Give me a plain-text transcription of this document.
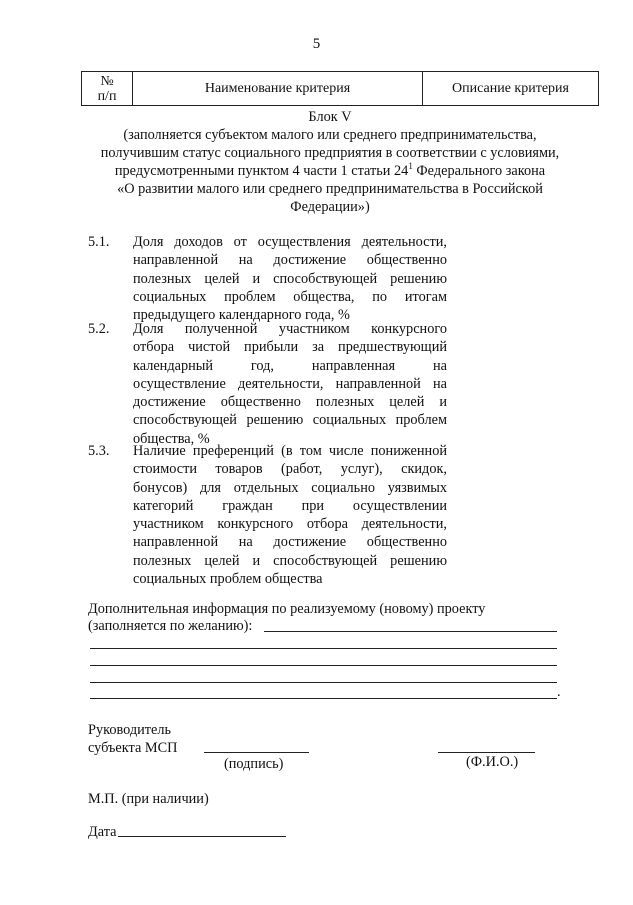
5
№
п/п	Наименование критерия	Описание критерия
Блок V
(заполняется субъектом малого или среднего предпринимательства,
получившим статус социального предприятия в соответствии с условиями,
предусмотренными пунктом 4 части 1 статьи $24^1$ Федерального закона
«О развитии малого или среднего предпринимательства в Российской
Федерации»)
5.1. Доля доходов от осуществления деятельности,
направленной на достижение общественно
полезных целей и способствующей решению
социальных проблем общества, по итогам
предыдущего календарного года, %
5.2. Доля полученной участником конкурсного
отбора чистой прибыли за предшествующий
календарный год, направленная на
осуществление деятельности, направленной на
достижение общественно полезных целей и
способствующей решению социальных проблем
общества, %
5.3. Наличие преференций (в том числе пониженной
стоимости товаров (работ, услуг), скидок,
бонусов) для отдельных социально уязвимых
категорий граждан при осуществлении
участником конкурсного отбора деятельности,
направленной на достижение общественно
полезных целей и способствующей решению
социальных проблем общества
Дополнительная информация по реализуемому (новому) проекту
(заполняется по желанию):
.
Руководитель
субъекта МСП
(подпись)	(Ф.И.О.)
М.П. (при наличии)
Дата
